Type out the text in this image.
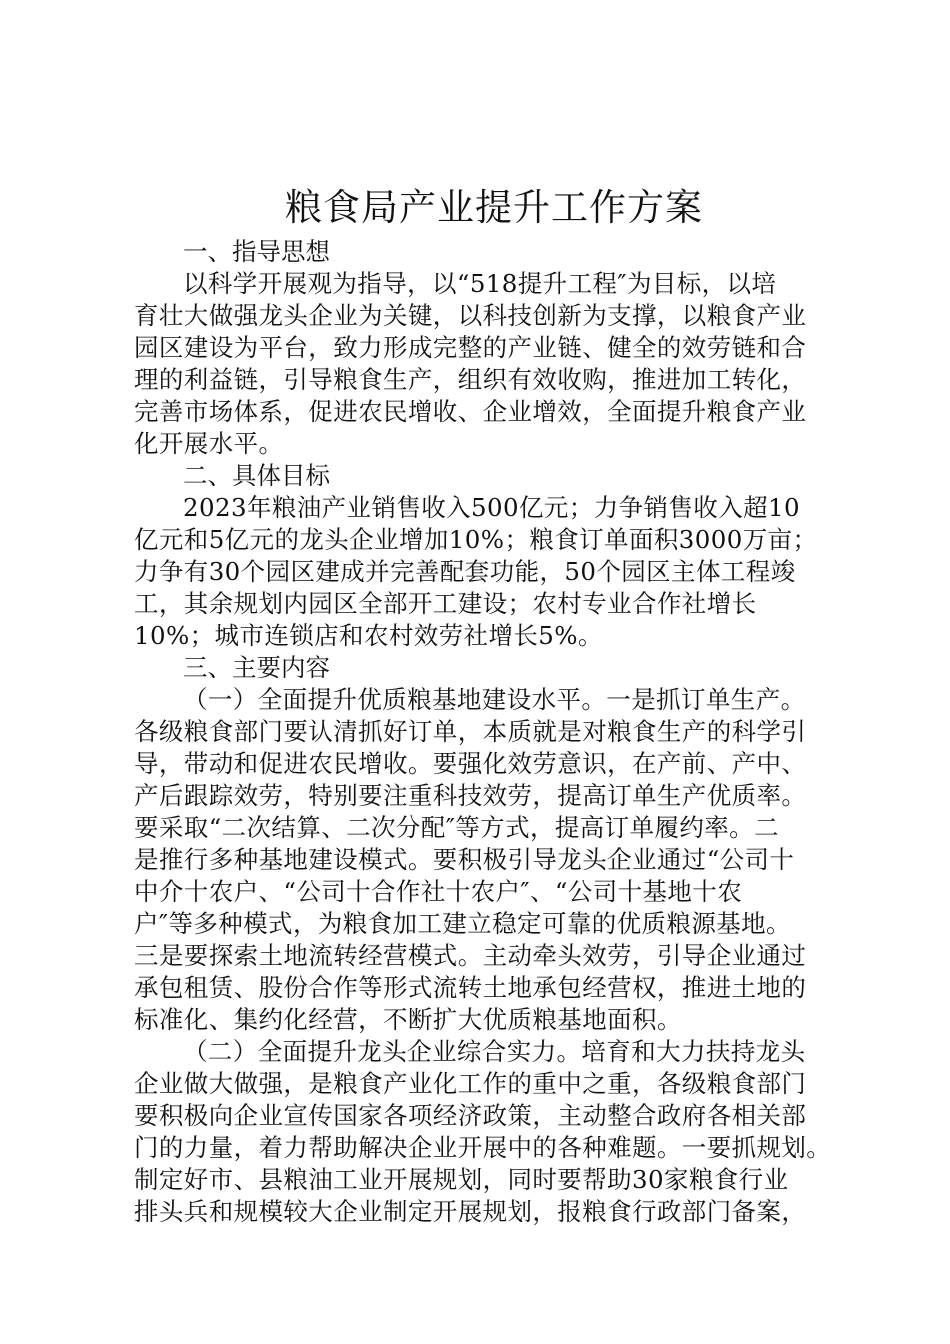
粮食局产业提升工作方案

一、指导思想

以科学开展观为指导，以“518提升工程″为目标，以培

育壮大做强龙头企业为关键，以科技创新为支撑，以粮食产业

园区建设为平台，致力形成完整的产业链、健全的效劳链和合

理的利益链，引导粮食生产，组织有效收购，推进加工转化，

完善市场体系，促进农民增收、企业增效，全面提升粮食产业

化开展水平。

二、具体目标

2023年粮油产业销售收入500亿元；力争销售收入超10

亿元和5亿元的龙头企业增加10%；粮食订单面积3000万亩；

力争有30个园区建成并完善配套功能，50个园区主体工程竣

工，其余规划内园区全部开工建设；农村专业合作社增长

10%；城市连锁店和农村效劳社增长5%。

三、主要内容

（一）全面提升优质粮基地建设水平。一是抓订单生产。

各级粮食部门要认清抓好订单，本质就是对粮食生产的科学引

导，带动和促进农民增收。要强化效劳意识，在产前、产中、

产后跟踪效劳，特别要注重科技效劳，提高订单生产优质率。

要采取“二次结算、二次分配″等方式，提高订单履约率。二

是推行多种基地建设模式。要积极引导龙头企业通过“公司十

中介十农户、“公司十合作社十农户″、“公司十基地十农

户″等多种模式，为粮食加工建立稳定可靠的优质粮源基地。

三是要探索土地流转经营模式。主动牵头效劳，引导企业通过

承包租赁、股份合作等形式流转土地承包经营权，推进土地的

标准化、集约化经营，不断扩大优质粮基地面积。

（二）全面提升龙头企业综合实力。培育和大力扶持龙头

企业做大做强，是粮食产业化工作的重中之重，各级粮食部门

要积极向企业宣传国家各项经济政策，主动整合政府各相关部

门的力量，着力帮助解决企业开展中的各种难题。一要抓规划。

制定好市、县粮油工业开展规划，同时要帮助30家粮食行业

排头兵和规模较大企业制定开展规划，报粮食行政部门备案，
